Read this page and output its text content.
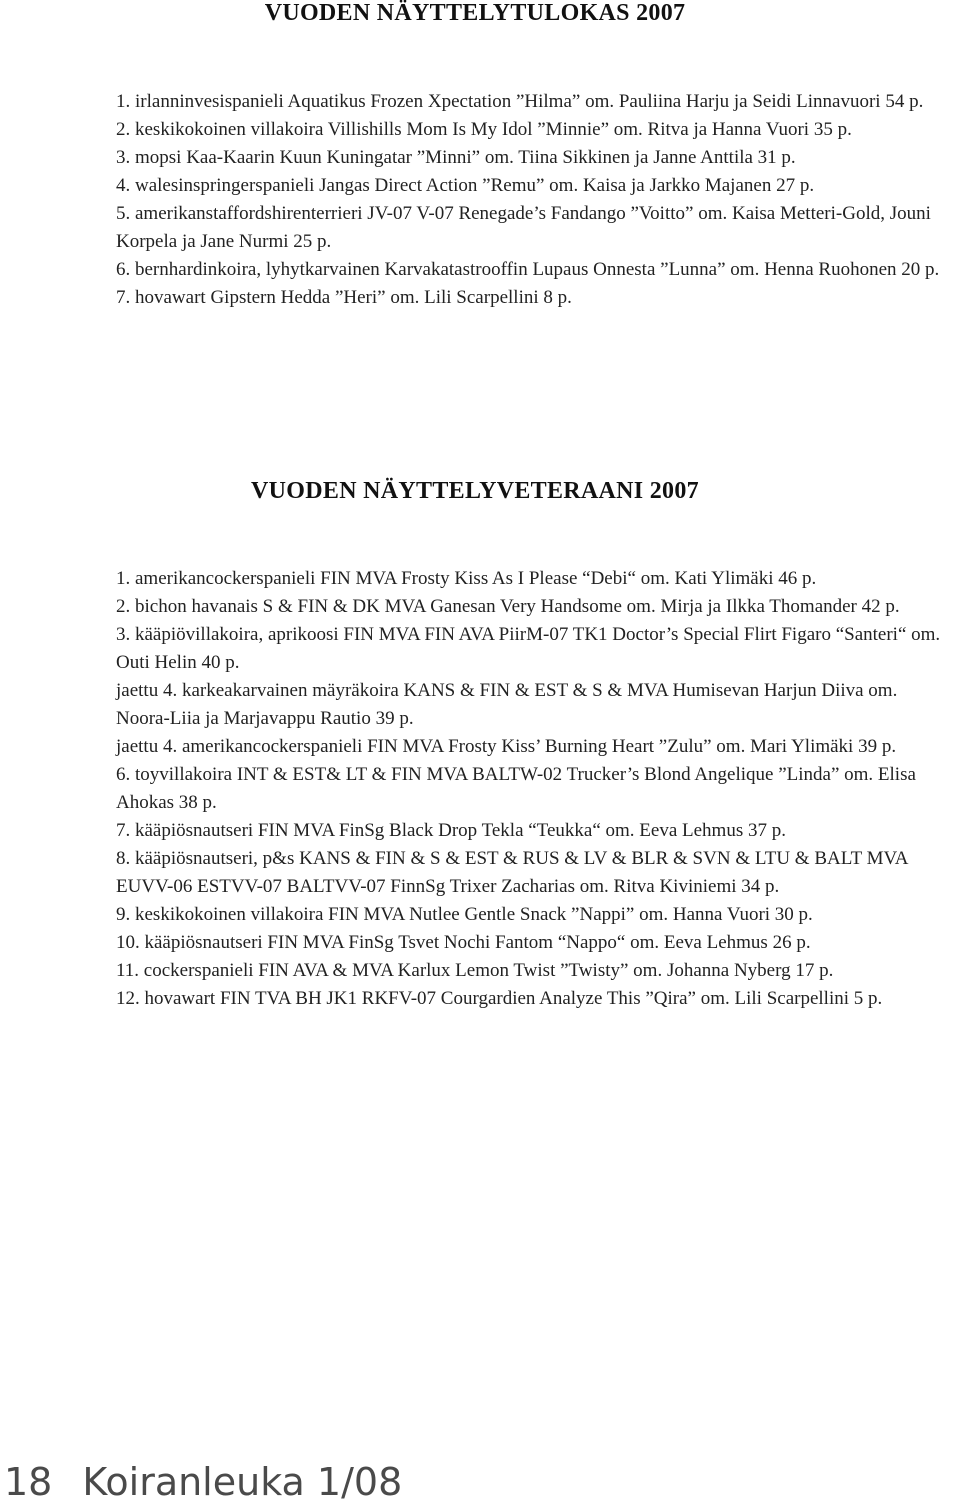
VUODEN NÄYTTELYTULOKAS 2007
1. irlanninvesispanieli Aquatikus Frozen Xpectation ”Hilma” om. Pauliina Harju ja Seidi Linnavuori 54 p.
2. keskikokoinen villakoira Villishills Mom Is My Idol ”Minnie” om. Ritva ja Hanna Vuori 35 p.
3. mopsi Kaa-Kaarin Kuun Kuningatar ”Minni” om. Tiina Sikkinen ja Janne Anttila 31 p.
4. walesinspringerspanieli Jangas Direct Action ”Remu” om. Kaisa ja Jarkko Majanen 27 p.
5. amerikanstaffordshirenterrieri JV-07 V-07 Renegade’s Fandango ”Voitto” om. Kaisa Metteri-Gold, Jouni Korpela ja Jane Nurmi 25 p.
6. bernhardinkoira, lyhytkarvainen Karvakatastrooffin Lupaus Onnesta ”Lunna” om. Henna Ruohonen 20 p.
7. hovawart Gipstern Hedda ”Heri” om. Lili Scarpellini 8 p.
VUODEN NÄYTTELYVETERAANI 2007
1. amerikancockerspanieli FIN MVA Frosty Kiss As I Please “Debi“ om. Kati Ylimäki 46 p.
2. bichon havanais S & FIN & DK MVA Ganesan Very Handsome om. Mirja ja Ilkka Thomander 42 p.
3. kääpiövillakoira, aprikoosi FIN MVA FIN AVA PiirM-07 TK1 Doctor’s Special Flirt Figaro “Santeri“ om. Outi Helin 40 p.
jaettu 4. karkeakarvainen mäyräkoira KANS & FIN & EST & S & MVA Humisevan Harjun Diiva om. Noora-Liia ja Marjavappu Rautio 39 p.
jaettu 4. amerikancockerspanieli FIN MVA Frosty Kiss’ Burning Heart ”Zulu” om. Mari Ylimäki 39 p.
6. toyvillakoira INT & EST& LT & FIN MVA BALTW-02 Trucker’s Blond Angelique ”Linda” om. Elisa Ahokas 38 p.
7. kääpiösnautseri FIN MVA FinSg Black Drop Tekla “Teukka“ om. Eeva Lehmus 37 p.
8. kääpiösnautseri, p&s KANS & FIN & S & EST & RUS & LV & BLR & SVN & LTU & BALT MVA EUVV-06 ESTVV-07 BALTVV-07 FinnSg Trixer Zacharias om. Ritva Kiviniemi 34 p.
9. keskikokoinen villakoira FIN MVA Nutlee Gentle Snack ”Nappi” om. Hanna Vuori 30 p.
10. kääpiösnautseri FIN MVA FinSg Tsvet Nochi Fantom “Nappo“ om. Eeva Lehmus 26 p.
11. cockerspanieli FIN AVA & MVA Karlux Lemon Twist ”Twisty” om. Johanna Nyberg 17 p.
12. hovawart FIN TVA BH JK1 RKFV-07 Courgardien Analyze This ”Qira” om. Lili Scarpellini 5 p.
18 Koiranleuka 1/08
